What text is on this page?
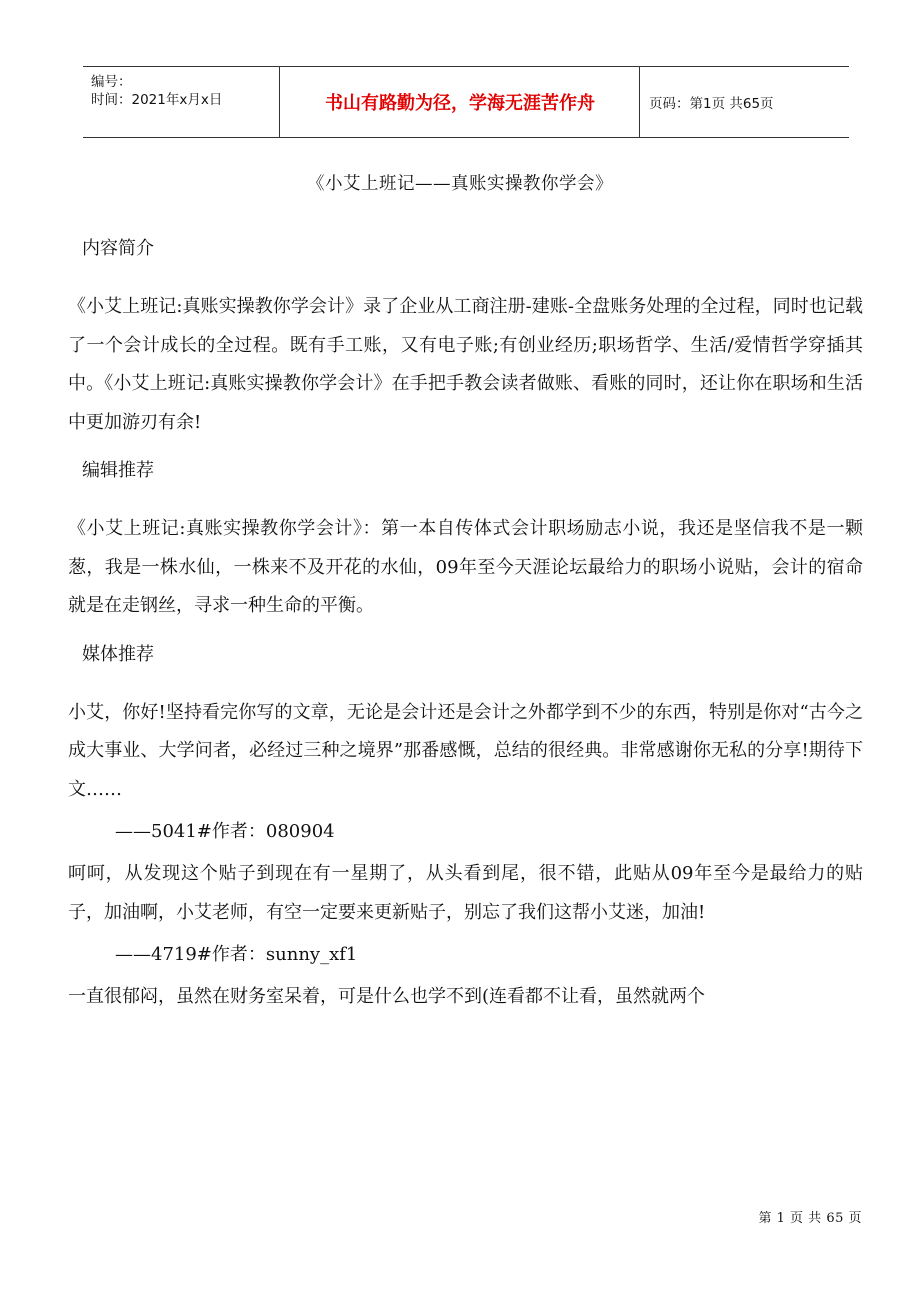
编号：
时间：2021年x月x日	书山有路勤为径，学海无涯苦作舟	页码：第1页 共65页
《小艾上班记——真账实操教你学会》
内容简介
《小艾上班记:真账实操教你学会计》录了企业从工商注册-建账-全盘账务处理的全过程，同时也记载了一个会计成长的全过程。既有手工账，又有电子账;有创业经历;职场哲学、生活/爱情哲学穿插其中。《小艾上班记:真账实操教你学会计》在手把手教会读者做账、看账的同时，还让你在职场和生活中更加游刃有余!
编辑推荐
《小艾上班记:真账实操教你学会计》：第一本自传体式会计职场励志小说，我还是坚信我不是一颗葱，我是一株水仙，一株来不及开花的水仙，09年至今天涯论坛最给力的职场小说贴，会计的宿命就是在走钢丝，寻求一种生命的平衡。
媒体推荐
小艾，你好!坚持看完你写的文章，无论是会计还是会计之外都学到不少的东西，特别是你对“古今之成大事业、大学问者，必经过三种之境界”那番感慨，总结的很经典。非常感谢你无私的分享!期待下文……
——5041#作者：080904
呵呵，从发现这个贴子到现在有一星期了，从头看到尾，很不错，此贴从09年至今是最给力的贴子，加油啊，小艾老师，有空一定要来更新贴子，别忘了我们这帮小艾迷，加油!
——4719#作者：sunny_xf1
一直很郁闷，虽然在财务室呆着，可是什么也学不到(连看都不让看，虽然就两个
第 1 页 共 65 页
